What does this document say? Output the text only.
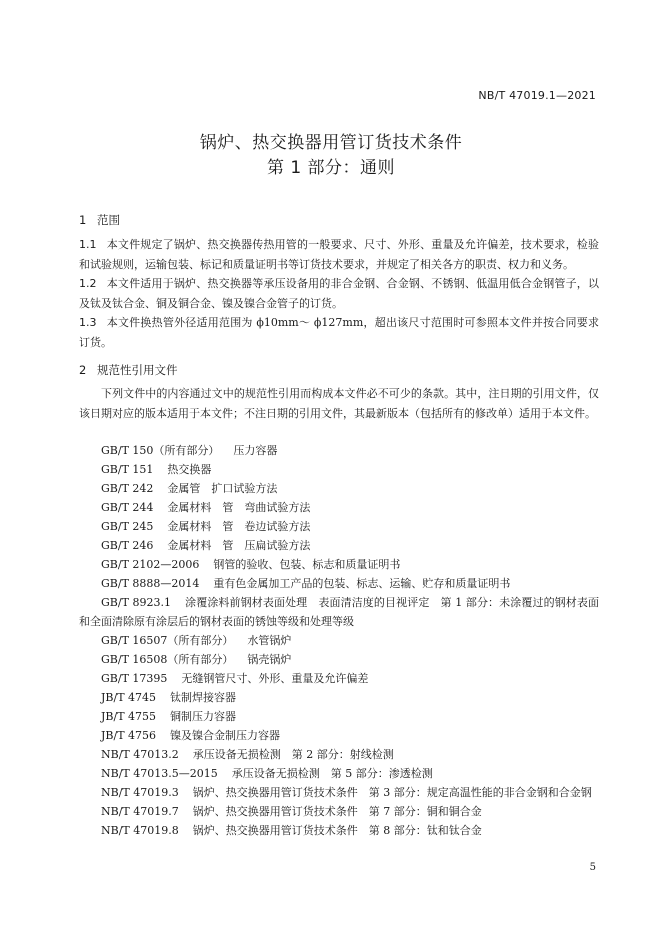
NB/T 47019.1—2021
锅炉、热交换器用管订货技术条件
第 1 部分：通则
1 范围

1.1 本文件规定了锅炉、热交换器传热用管的一般要求、尺寸、外形、重量及允许偏差，技术要求，检验和试验规则，运输包装、标记和质量证明书等订货技术要求，并规定了相关各方的职责、权力和义务。

1.2 本文件适用于锅炉、热交换器等承压设备用的非合金钢、合金钢、不锈钢、低温用低合金钢管子，以及钛及钛合金、铜及铜合金、镍及镍合金管子的订货。

1.3 本文件换热管外径适用范围为 ϕ10mm～ ϕ127mm，超出该尺寸范围时可参照本文件并按合同要求订货。

2 规范性引用文件

下列文件中的内容通过文中的规范性引用而构成本文件必不可少的条款。其中，注日期的引用文件，仅该日期对应的版本适用于本文件；不注日期的引用文件，其最新版本（包括所有的修改单）适用于本文件。

GB/T 150（所有部分） 压力容器
GB/T 151 热交换器
GB/T 242 金属管　扩口试验方法
GB/T 244 金属材料　管　弯曲试验方法
GB/T 245 金属材料　管　卷边试验方法
GB/T 246 金属材料　管　压扁试验方法
GB/T 2102—2006 钢管的验收、包装、标志和质量证明书
GB/T 8888—2014 重有色金属加工产品的包装、标志、运输、贮存和质量证明书
GB/T 8923.1 涂覆涂料前钢材表面处理　表面清洁度的目视评定　第 1 部分：未涂覆过的钢材表面和全面清除原有涂层后的钢材表面的锈蚀等级和处理等级
GB/T 16507（所有部分） 水管锅炉
GB/T 16508（所有部分） 锅壳锅炉
GB/T 17395 无缝钢管尺寸、外形、重量及允许偏差
JB/T 4745 钛制焊接容器
JB/T 4755 铜制压力容器
JB/T 4756 镍及镍合金制压力容器
NB/T 47013.2 承压设备无损检测　第 2 部分：射线检测
NB/T 47013.5—2015 承压设备无损检测　第 5 部分：渗透检测
NB/T 47019.3 锅炉、热交换器用管订货技术条件　第 3 部分：规定高温性能的非合金钢和合金钢
NB/T 47019.7 锅炉、热交换器用管订货技术条件　第 7 部分：铜和铜合金
NB/T 47019.8 锅炉、热交换器用管订货技术条件　第 8 部分：钛和钛合金
5
